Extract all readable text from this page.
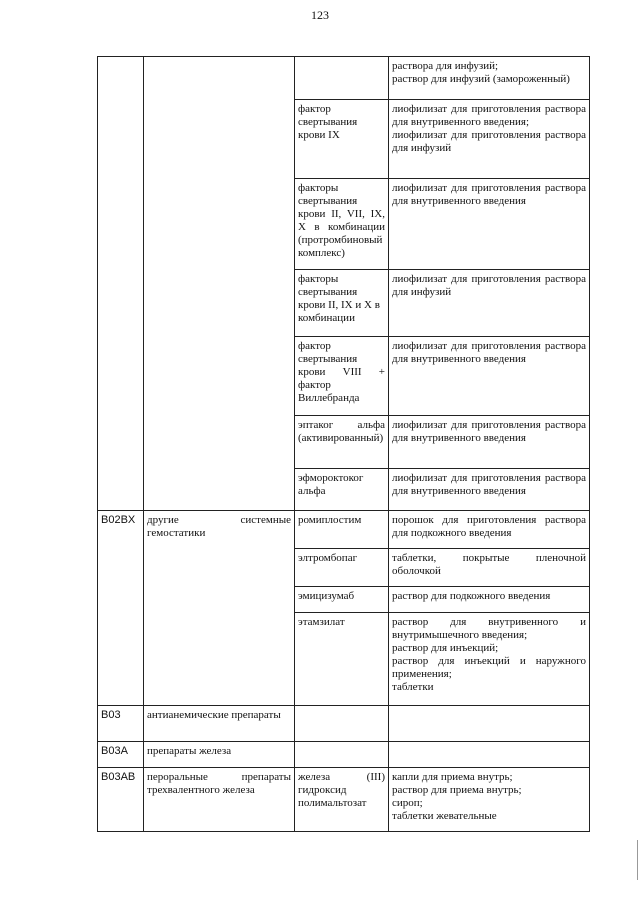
123
			раствора для инфузий;
раствор для инфузий (замороженный)
		фактор свертывания крови IX	лиофилизат для приготовления раствора для внутривенного введения;
лиофилизат для приготовления раствора для инфузий
		факторы свертывания крови II, VII, IX, X в комбинации (протромбиновый комплекс)	лиофилизат для приготовления раствора для внутривенного введения
		факторы свертывания крови II, IX и X в комбинации	лиофилизат для приготовления раствора для инфузий
		фактор свертывания крови VIII + фактор Виллебранда	лиофилизат для приготовления раствора для внутривенного введения
		эптаког альфа (активированный)	лиофилизат для приготовления раствора для внутривенного введения
		эфмороктоког альфа	лиофилизат для приготовления раствора для внутривенного введения
B02BX	другие системные гемостатики	ромиплостим	порошок для приготовления раствора для подкожного введения
		элтромбопаг	таблетки, покрытые пленочной оболочкой
		эмицизумаб	раствор для подкожного введения
		этамзилат	раствор для внутривенного и внутримышечного введения;
раствор для инъекций;
раствор для инъекций и наружного применения;
таблетки
B03	антианемические препараты		
B03A	препараты железа		
B03AB	пероральные препараты трехвалентного железа	железа (III) гидроксид полимальтозат	капли для приема внутрь;
раствор для приема внутрь;
сироп;
таблетки жевательные
